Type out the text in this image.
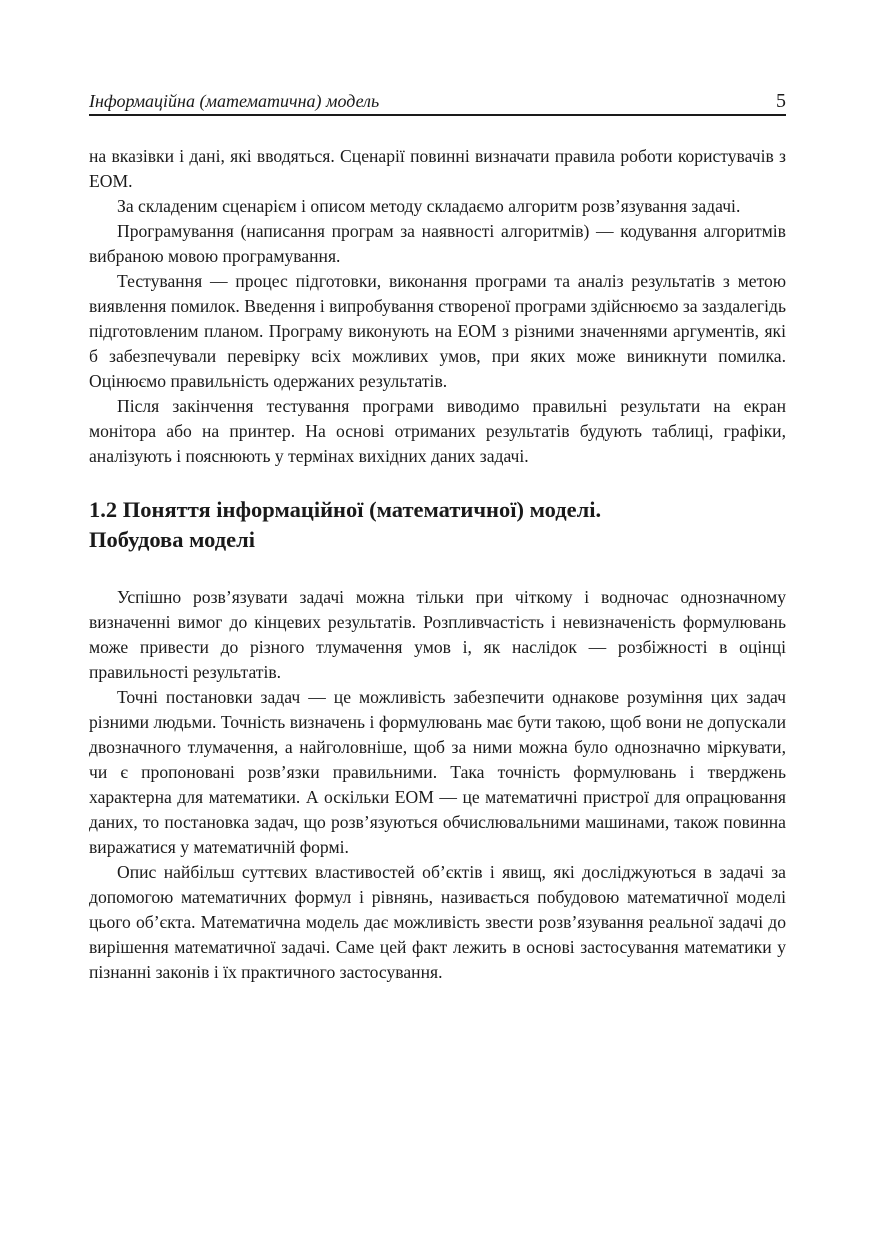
Інформаційна (математична) модель	5

на вказівки і дані, які вводяться. Сценарії повинні визначати правила роботи користувачів з ЕОМ.

За складеним сценарієм і описом методу складаємо алгоритм розв’язування задачі.

Програмування (написання програм за наявності алгоритмів) — кодування алгоритмів вибраною мовою програмування.

Тестування — процес підготовки, виконання програми та аналіз результатів з метою виявлення помилок. Введення і випробування створеної програми здійснюємо за заздалегідь підготовленим планом. Програму виконують на ЕОМ з різними значеннями аргументів, які б забезпечували перевірку всіх можливих умов, при яких може виникнути помилка. Оцінюємо правильність одержаних результатів.

Після закінчення тестування програми виводимо правильні результати на екран монітора або на принтер. На основі отриманих результатів будують таблиці, графіки, аналізують і пояснюють у термінах вихідних даних задачі.

1.2 Поняття інформаційної (математичної) моделі.
Побудова моделі

Успішно розв’язувати задачі можна тільки при чіткому і водночас однозначному визначенні вимог до кінцевих результатів. Розпливчастість і невизначеність формулювань може привести до різного тлумачення умов і, як наслідок — розбіжності в оцінці правильності результатів.

Точні постановки задач — це можливість забезпечити однакове розуміння цих задач різними людьми. Точність визначень і формулювань має бути такою, щоб вони не допускали двозначного тлумачення, а найголовніше, щоб за ними можна було однозначно міркувати, чи є пропоновані розв’язки правильними. Така точність формулювань і тверджень характерна для математики. А оскільки ЕОМ — це математичні пристрої для опрацювання даних, то постановка задач, що розв’язуються обчислювальними машинами, також повинна виражатися у математичній формі.

Опис найбільш суттєвих властивостей об’єктів і явищ, які досліджуються в задачі за допомогою математичних формул і рівнянь, називається побудовою математичної моделі цього об’єкта. Математична модель дає можливість звести розв’язування реальної задачі до вирішення математичної задачі. Саме цей факт лежить в основі застосування математики у пізнанні законів і їх практичного застосування.
